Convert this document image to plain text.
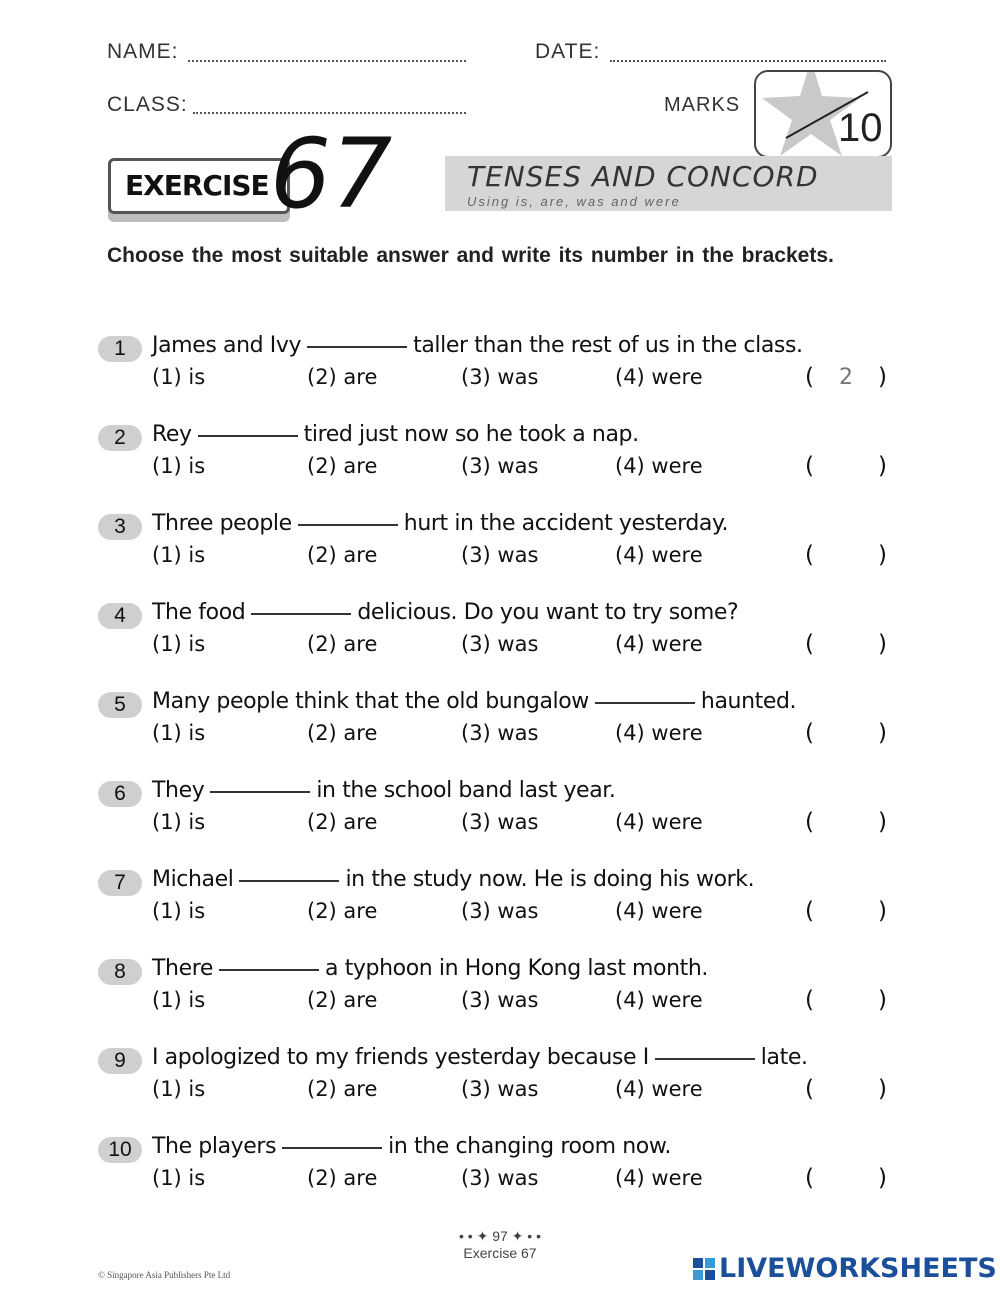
NAME:	DATE:
CLASS:	MARKS
10
EXERCISE 67	TENSES AND CONCORD
Using is, are, was and were
Choose the most suitable answer and write its number in the brackets.
1	James and Ivy	taller than the rest of us in the class.
(1) is	(2) are	(3) was	(4) were	(	2	)
2	Rey	tired just now so he took a nap.
(1) is	(2) are	(3) was	(4) were	(	)
3	Three people	hurt in the accident yesterday.
(1) is	(2) are	(3) was	(4) were	(	)
4	The food	delicious. Do you want to try some?
(1) is	(2) are	(3) was	(4) were	(	)
5	Many people think that the old bungalow	haunted.
(1) is	(2) are	(3) was	(4) were	(	)
6	They	in the school band last year.
(1) is	(2) are	(3) was	(4) were	(	)
7	Michael	in the study now. He is doing his work.
(1) is	(2) are	(3) was	(4) were	(	)
8	There	a typhoon in Hong Kong last month.
(1) is	(2) are	(3) was	(4) were	(	)
9	I apologized to my friends yesterday because I	late.
(1) is	(2) are	(3) was	(4) were	(	)
10 The players	in the changing room now.
(1) is	(2) are	(3) was	(4) were	(	)
• • ✦ 97 ✦ • •
Exercise 67
© Singapore Asia Publishers Pte Ltd	LIVEWORKSHEETS
